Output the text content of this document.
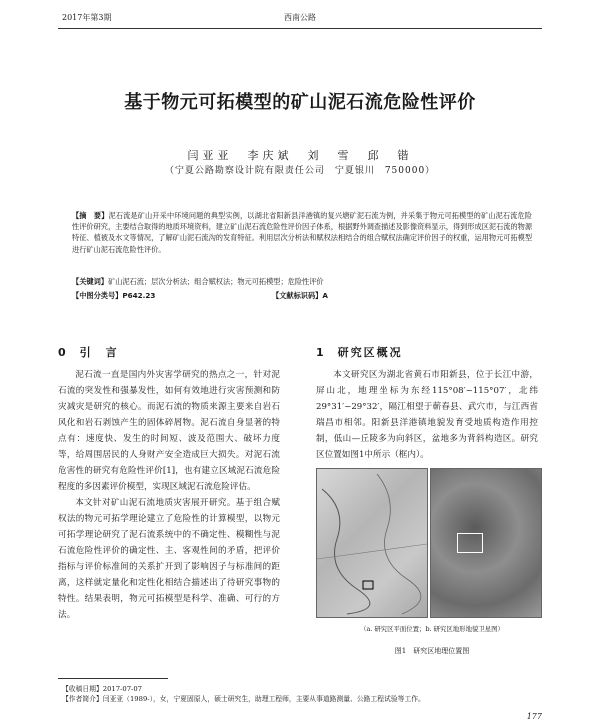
2017年第3期	西南公路
基于物元可拓模型的矿山泥石流危险性评价
闫亚亚　李庆斌　刘　雪　邱　锴
（宁夏公路勘察设计院有限责任公司　宁夏银川　750000）
【摘　要】泥石流是矿山开采中环境问题的典型实例，以湖北省阳新县洋港镇的复兴塘矿泥石流为例，并采集于物元可拓模型的矿山泥石流危险性评价研究，主要结合取得的地质环境资料，建立矿山泥石流危险性评价因子体系，根据野外调查描述及影像资料显示，得到形成区泥石流的物源特征、植被及水文等情况，了解矿山泥石流沟的发育特征。利用层次分析法和赋权法相结合的组合赋权法确定评价因子的权重，运用物元可拓模型进行矿山泥石流危险性评价。
【关键词】矿山泥石流；层次分析法；组合赋权法；物元可拓模型；危险性评价
【中图分类号】P642.23	【文献标识码】A
0 引　言

泥石流一直是国内外灾害学研究的热点之一，针对泥石流的突发性和强暴发性，如何有效地进行灾害预测和防灾减灾是研究的核心。而泥石流的物质来源主要来自岩石风化和岩石剥蚀产生的固体碎屑物。泥石流自身显著的特点有：速度快、发生的时间短、波及范围大、破坏力度等，给周围居民的人身财产安全造成巨大损失。对泥石流危害性的研究有危险性评价[1]，也有建立区域泥石流危险程度的多因素评价模型，实现区域泥石流危险评估。

本文针对矿山泥石流地质灾害展开研究。基于组合赋权法的物元可拓学理论建立了危险性的计算模型，以物元可拓学理论研究了泥石流系统中的不确定性、模糊性与泥石流危险性评价的确定性、主、客观性间的矛盾，把评价指标与评价标准间的关系扩开到了影响因子与标准间的距离，这样就定量化和定性化相结合描述出了待研究事物的特性。结果表明，物元可拓模型是科学、准确、可行的方法。

1 研究区概况

本文研究区为湖北省黄石市阳新县，位于长江中游，屏山北，地理坐标为东经115°08′~115°07′，北纬29°31′~29°32′，隔江相望于蕲春县、武穴市，与江西省瑞昌市相邻。阳新县洋港镇地貌发育受地质构造作用控制，低山—丘陵多为向斜区，盆地多为背斜构造区。研究区位置如图1中所示（框内）。

（a. 研究区平面位置；b. 研究区地形地貌卫星图）
图1　研究区地理位置图
【收稿日期】2017-07-07
【作者简介】闫亚亚（1989-），女，宁夏固原人，硕士研究生，助理工程师，主要从事道路测量、公路工程试验等工作。
177
